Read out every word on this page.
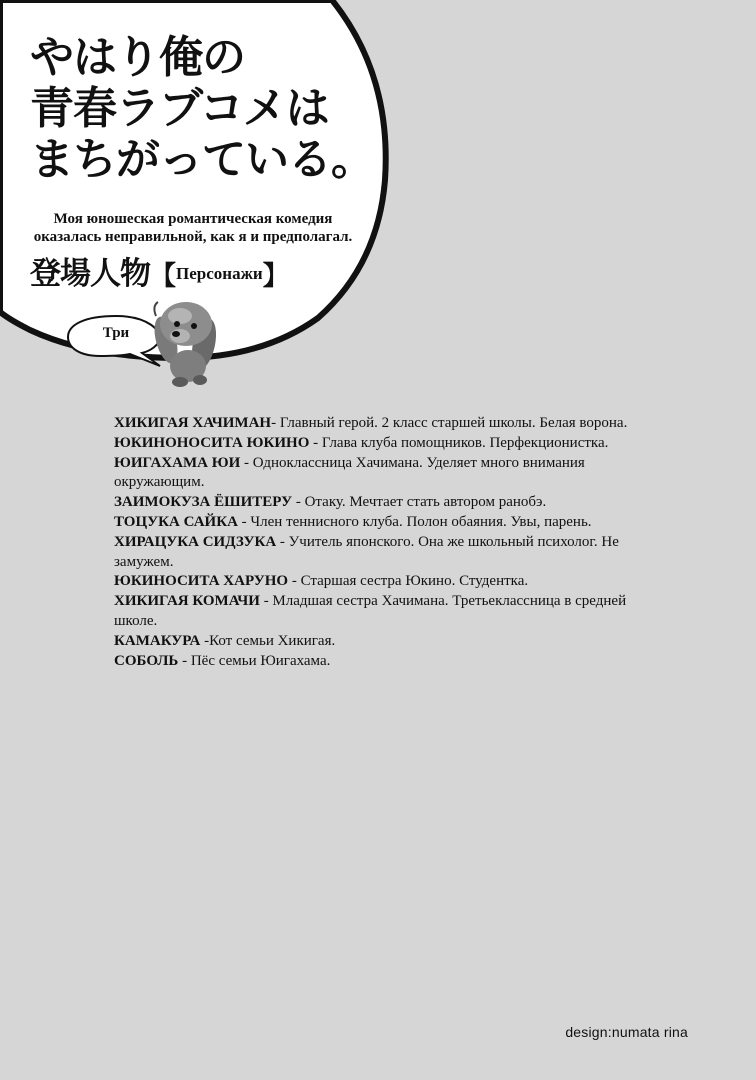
やはり俺の
青春ラブコメは
まちがっている。
Моя юношеская романтическая комедия
оказалась неправильной, как я и предполагал.
登場人物【Персонажи】
Три

ХИКИГАЯ ХАЧИМАН- Главный герой. 2 класс старшей школы. Белая ворона.

ЮКИНОНОСИТА ЮКИНО - Глава клуба помощников. Перфекционистка.

ЮИГАХАМА ЮИ - Одноклассница Хачимана. Уделяет много внимания окружающим.

ЗАИМОКУЗА ЁШИТЕРУ - Отаку. Мечтает стать автором ранобэ.

ТОЦУКА САЙКА - Член теннисного клуба. Полон обаяния. Увы, парень.

ХИРАЦУКА СИДЗУКА - Учитель японского. Она же школьный психолог. Не замужем.

ЮКИНОСИТА ХАРУНО - Старшая сестра Юкино. Студентка.

ХИКИГАЯ КОМАЧИ - Младшая сестра Хачимана. Третьеклассница в средней школе.

КАМАКУРА -Кот семьи Хикигая.

СОБОЛЬ - Пёс семьи Юигахама.

design:numata rina
